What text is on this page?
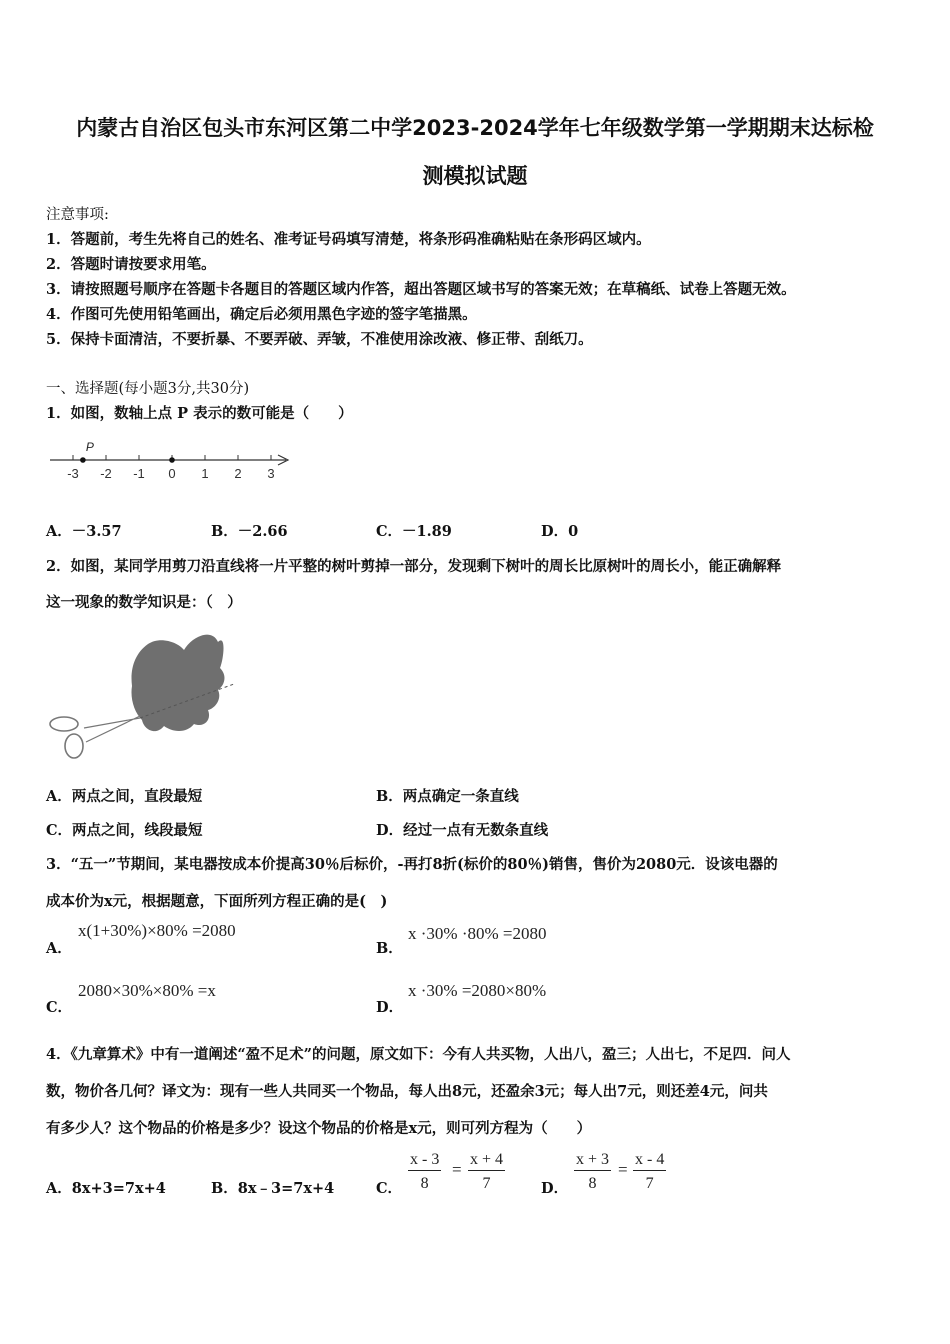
内蒙古自治区包头市东河区第二中学2023-2024学年七年级数学第一学期期末达标检
测模拟试题
注意事项:
1．答题前，考生先将自己的姓名、准考证号码填写清楚，将条形码准确粘贴在条形码区域内。
2．答题时请按要求用笔。
3．请按照题号顺序在答题卡各题目的答题区域内作答，超出答题区域书写的答案无效；在草稿纸、试卷上答题无效。
4．作图可先使用铅笔画出，确定后必须用黑色字迹的签字笔描黑。
5．保持卡面清洁，不要折暴、不要弄破、弄皱，不准使用涂改液、修正带、刮纸刀。
一、选择题(每小题3分,共30分)
1．如图，数轴上点 P 表示的数可能是（　　）
-3 -2 -1 0 1 2 3
P
A．－3.57	B．－2.66	C．－1.89	D．0
2．如图，某同学用剪刀沿直线将一片平整的树叶剪掉一部分，发现剩下树叶的周长比原树叶的周长小，能正确解释
这一现象的数学知识是：（　）
A．两点之间，直段最短	B．两点确定一条直线
C．两点之间，线段最短	D．经过一点有无数条直线
3．“五一”节期间，某电器按成本价提高30％后标价，-再打8折(标价的80％)销售，售价为2080元．设该电器的
成本价为x元，根据题意，下面所列方程正确的是(　)
A．
x(1+30%)×80% =2080
B．
x ·30% ·80% =2080
C．
2080×30%×80% =x
D．
x ·30% =2080×80%
4．《九章算术》中有一道阐述“盈不足术”的问题，原文如下：今有人共买物，人出八，盈三；人出七，不足四．问人
数，物价各几何？译文为：现有一些人共同买一个物品，每人出8元，还盈余3元；每人出7元，则还差4元，问共
有多少人？这个物品的价格是多少？设这个物品的价格是x元，则可列方程为（　　）
A．8x+3=7x+4	B．8x﹣3=7x+4	C． $\frac{x - 3}{8} = \frac{x + 4}{7}$ D． $\frac{x + 3}{8} = \frac{x - 4}{7}$
